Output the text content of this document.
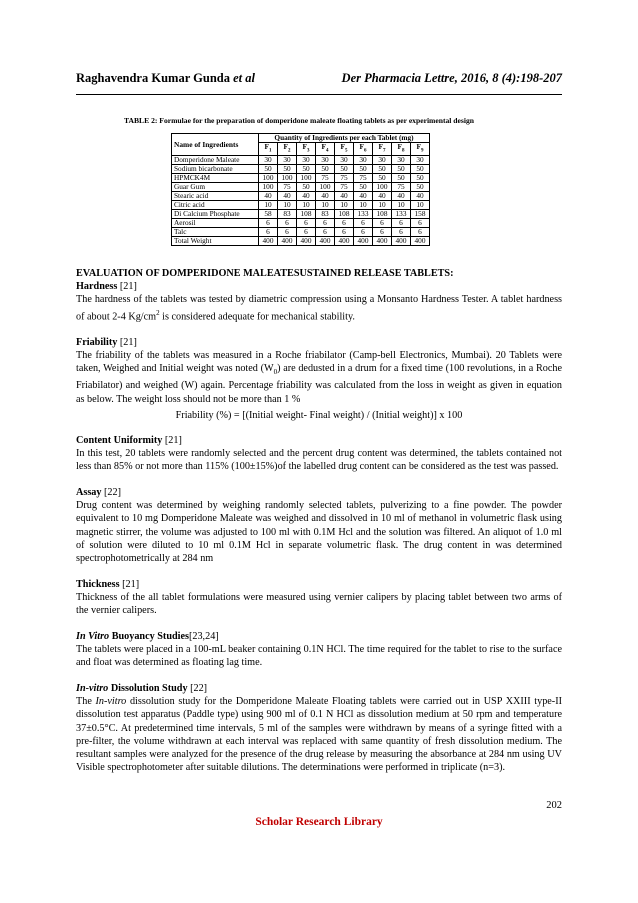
Raghavendra Kumar Gunda et al	Der Pharmacia Lettre, 2016, 8 (4):198-207
TABLE 2: Formulae for the preparation of domperidone maleate floating tablets as per experimental design
Name of Ingredients	Quantity of Ingredients per each Tablet (mg)								
	$F_1$	$F_2$	$F_3$	$F_4$	$F_5$	$F_6$	$F_7$	$F_8$	$F_9$
Domperidone Maleate	30	30	30	30	30	30	30	30	30
Sodium bicarbonate	50	50	50	50	50	50	50	50	50
HPMCK4M	100	100	100	75	75	75	50	50	50
Guar Gum	100	75	50	100	75	50	100	75	50
Stearic acid	40	40	40	40	40	40	40	40	40
Citric acid	10	10	10	10	10	10	10	10	10
Di Calcium Phosphate	58	83	108	83	108	133	108	133	158
Aerosil	6	6	6	6	6	6	6	6	6
Talc	6	6	6	6	6	6	6	6	6
Total Weight	400	400	400	400	400	400	400	400	400

EVALUATION OF DOMPERIDONE MALEATESUSTAINED RELEASE TABLETS:

Hardness [21]

The hardness of the tablets was tested by diametric compression using a Monsanto Hardness Tester. A tablet hardness of about 2-4 $Kg/cm^2$ is considered adequate for mechanical stability.

Friability [21]

The friability of the tablets was measured in a Roche friabilator (Camp-bell Electronics, Mumbai). 20 Tablets were taken, Weighed and Initial weight was noted $(W_0)$ are dedusted in a drum for a fixed time (100 revolutions, in a Roche Friabilator) and weighed (W) again. Percentage friability was calculated from the loss in weight as given in equation as below. The weight loss should not be more than 1 %

Friability (%) = [(Initial weight- Final weight) / (Initial weight)] x 100

Content Uniformity [21]

In this test, 20 tablets were randomly selected and the percent drug content was determined, the tablets contained not less than 85% or not more than 115% (100±15%)of the labelled drug content can be considered as the test was passed.

Assay [22]

Drug content was determined by weighing randomly selected tablets, pulverizing to a fine powder. The powder equivalent to 10 mg Domperidone Maleate was weighed and dissolved in 10 ml of methanol in volumetric flask using magnetic stirrer, the volume was adjusted to 100 ml with 0.1M Hcl and the solution was filtered. An aliquot of 1.0 ml of solution were diluted to 10 ml 0.1M Hcl in separate volumetric flask. The drug content in was determined spectrophotometrically at 284 nm

Thickness [21]

Thickness of the all tablet formulations were measured using vernier calipers by placing tablet between two arms of the vernier calipers.

In Vitro Buoyancy Studies[23,24]

The tablets were placed in a 100-mL beaker containing 0.1N HCl. The time required for the tablet to rise to the surface and float was determined as floating lag time.

In-vitro Dissolution Study [22]

The In-vitro dissolution study for the Domperidone Maleate Floating tablets were carried out in USP XXIII type-II dissolution test apparatus (Paddle type) using 900 ml of 0.1 N HCl as dissolution medium at 50 rpm and temperature 37±0.5°C. At predetermined time intervals, 5 ml of the samples were withdrawn by means of a syringe fitted with a pre-filter, the volume withdrawn at each interval was replaced with same quantity of fresh dissolution medium. The resultant samples were analyzed for the presence of the drug release by measuring the absorbance at 284 nm using UV Visible spectrophotometer after suitable dilutions. The determinations were performed in triplicate (n=3).

202
Scholar Research Library
